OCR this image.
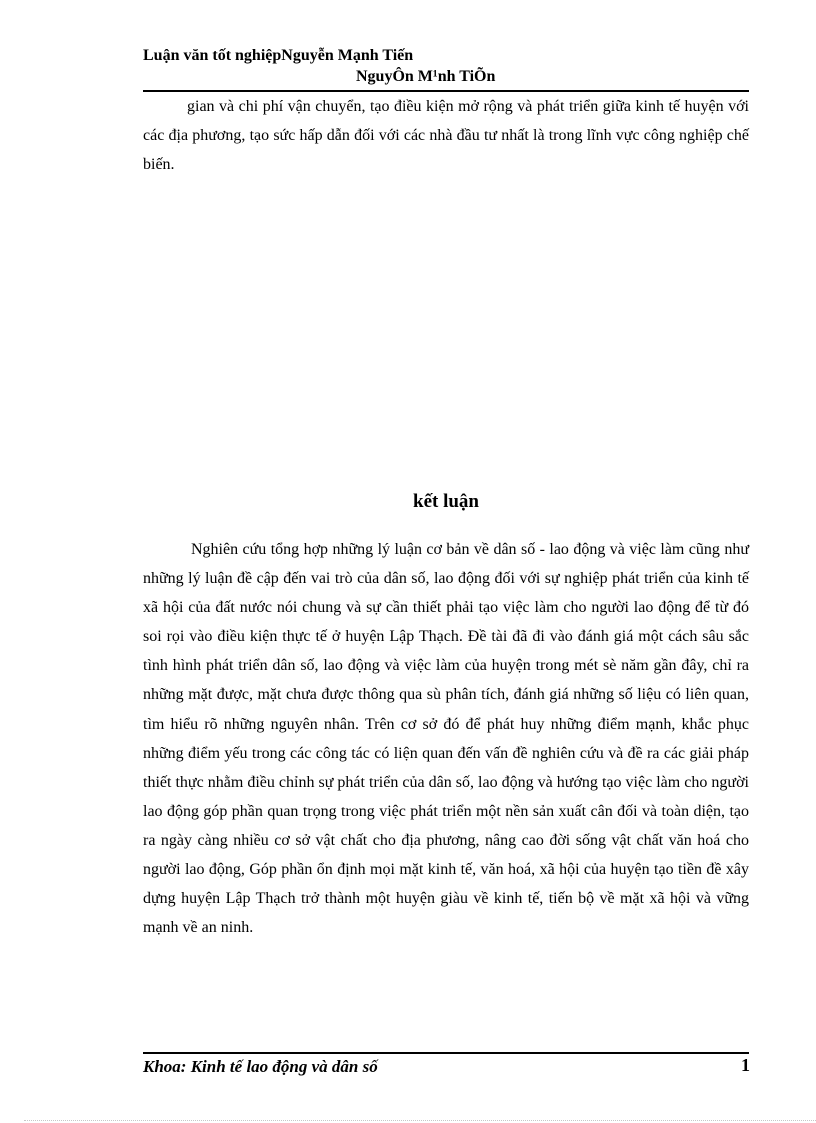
Luận văn tốt nghiệpNguyễn Mạnh Tiến
NguyÔn M¹nh TiÕn

gian và chi phí vận chuyển, tạo điều kiện mở rộng và phát triển giữa kinh tế huyện với các địa phương, tạo sức hấp dẫn đối với các nhà đầu tư nhất là trong lĩnh vực công nghiệp chế biến.

kết luận

Nghiên cứu tổng hợp những lý luận cơ bản về dân số - lao động và việc làm cũng như những lý luận đề cập đến vai trò của dân số, lao động đối với sự nghiệp phát triển của kinh tế xã hội của đất nước nói chung và sự cần thiết phải tạo việc làm cho người lao động để từ đó soi rọi vào điều kiện thực tế ở huyện Lập Thạch. Đề tài đã đi vào đánh giá một cách sâu sắc tình hình phát triển dân số, lao động và việc làm của huyện trong mét sè năm gần đây, chỉ ra những mặt được, mặt chưa được thông qua sù phân tích, đánh giá những số liệu có liên quan, tìm hiểu rõ những nguyên nhân. Trên cơ sở đó để phát huy những điểm mạnh, khắc phục những điểm yếu trong các công tác có liện quan đến vấn đề nghiên cứu và đề ra các giải pháp thiết thực nhằm điều chỉnh sự phát triển của dân số, lao động và hướng tạo việc làm cho người lao động góp phần quan trọng trong việc phát triển một nền sản xuất cân đối và toàn diện, tạo ra ngày càng nhiều cơ sở vật chất cho địa phương, nâng cao đời sống vật chất văn hoá cho người lao động, Góp phần ổn định mọi mặt kinh tế, văn hoá, xã hội của huyện tạo tiền đề xây dựng huyện Lập Thạch trở thành một huyện giàu về kinh tế, tiến bộ về mặt xã hội và vững mạnh về an ninh.

Khoa: Kinh tế lao động và dân số	1
